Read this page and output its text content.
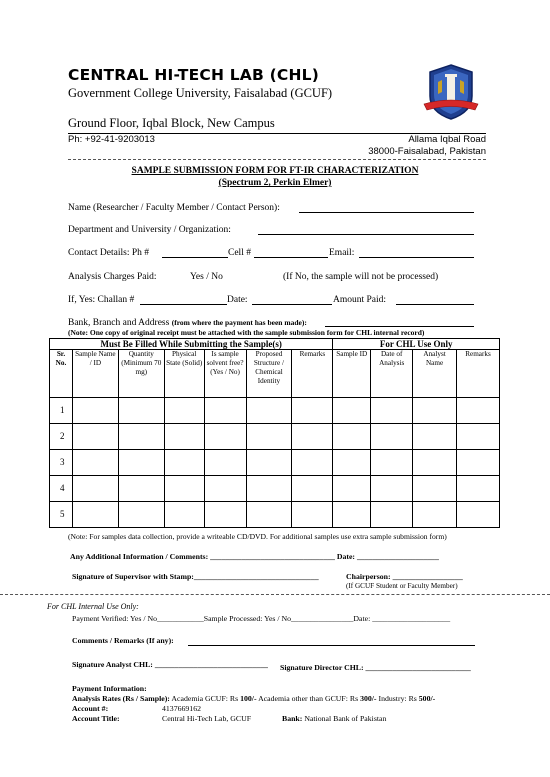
CENTRAL HI-TECH LAB (CHL)
Government College University, Faisalabad (GCUF)
Ground Floor, Iqbal Block, New Campus
Ph: +92-41-9203013	Allama Iqbal Road
38000-Faisalabad, Pakistan
SAMPLE SUBMISSION FORM FOR FT-IR CHARACTERIZATION
(Spectrum 2, Perkin Elmer)
Name (Researcher / Faculty Member / Contact Person):
Department and University / Organization:
Contact Details: Ph #	Cell #	Email:
Analysis Charges Paid:	Yes / No	(If No, the sample will not be processed)
If, Yes: Challan #	Date:	Amount Paid:
Bank, Branch and Address (from where the payment has been made):
(Note: One copy of original receipt must be attached with the sample submission form for CHL internal record)
Must Be Filled While Submitting the Sample(s)							For CHL Use Only			
Sr. No.	Sample Name / ID	Quantity (Minimum 70 mg)	Physical State (Solid)	Is sample solvent free? (Yes / No)	Proposed Structure / Chemical Identity	Remarks	Sample ID	Date of Analysis	Analyst Name	Remarks
1										
2										
3										
4										
5										
(Note: For samples data collection, provide a writeable CD/DVD. For additional samples use extra sample submission form)
Any Additional Information / Comments: ________________________________ Date: _____________________
Signature of Supervisor with Stamp:________________________________	Chairperson: __________________
(If GCUF Student or Faculty Member)
For CHL Internal Use Only:
Payment Verified: Yes / No____________Sample Processed: Yes / No________________Date: ____________________
Comments / Remarks (If any):
Signature Analyst CHL: _____________________________ Signature Director CHL: ___________________________
Payment Information:
Analysis Rates (Rs / Sample): Academia GCUF: Rs 100/- Academia other than GCUF: Rs 300/- Industry: Rs 500/-
Account #:	4137669162
Account Title:	Central Hi-Tech Lab, GCUF	Bank: National Bank of Pakistan
